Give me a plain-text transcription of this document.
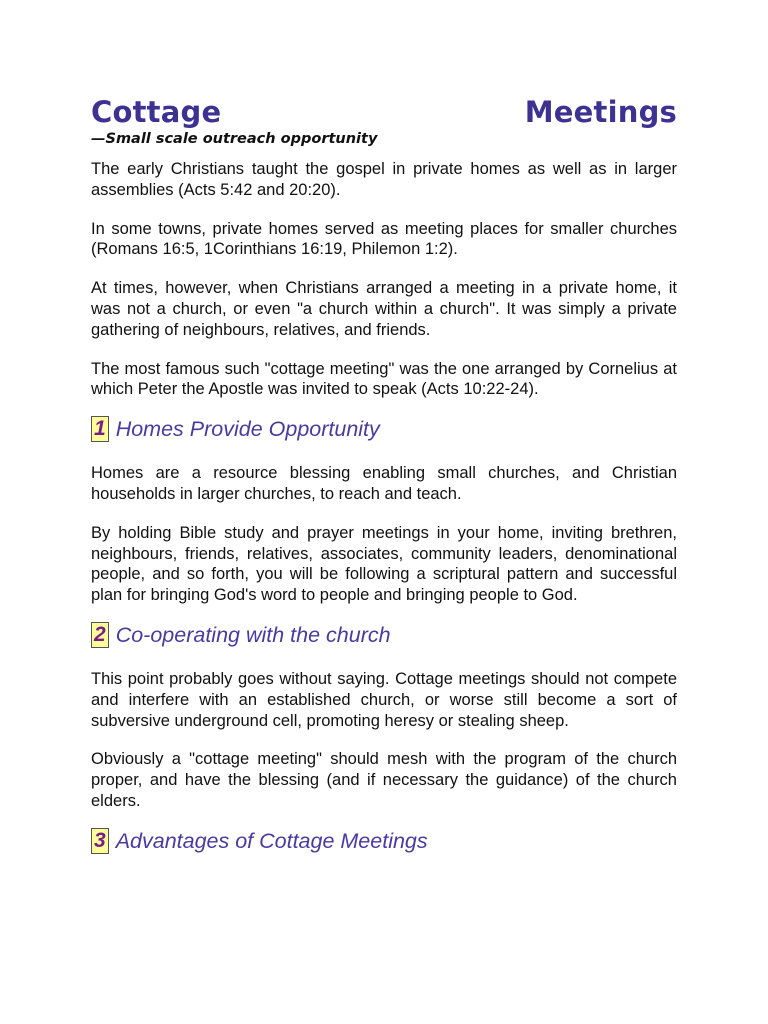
Cottage	Meetings
—Small scale outreach opportunity

The early Christians taught the gospel in private homes as well as in larger assemblies (Acts 5:42 and 20:20).

In some towns, private homes served as meeting places for smaller churches (Romans 16:5, 1Corinthians 16:19, Philemon 1:2).

At times, however, when Christians arranged a meeting in a private home, it was not a church, or even "a church within a church". It was simply a private gathering of neighbours, relatives, and friends.

The most famous such "cottage meeting" was the one arranged by Cornelius at which Peter the Apostle was invited to speak (Acts 10:22-24).

1 Homes Provide Opportunity

Homes are a resource blessing enabling small churches, and Christian households in larger churches, to reach and teach.

By holding Bible study and prayer meetings in your home, inviting brethren, neighbours, friends, relatives, associates, community leaders, denominational people, and so forth, you will be following a scriptural pattern and successful plan for bringing God's word to people and bringing people to God.

2 Co-operating with the church

This point probably goes without saying. Cottage meetings should not compete and interfere with an established church, or worse still become a sort of subversive underground cell, promoting heresy or stealing sheep.

Obviously a "cottage meeting" should mesh with the program of the church proper, and have the blessing (and if necessary the guidance) of the church elders.

3 Advantages of Cottage Meetings
